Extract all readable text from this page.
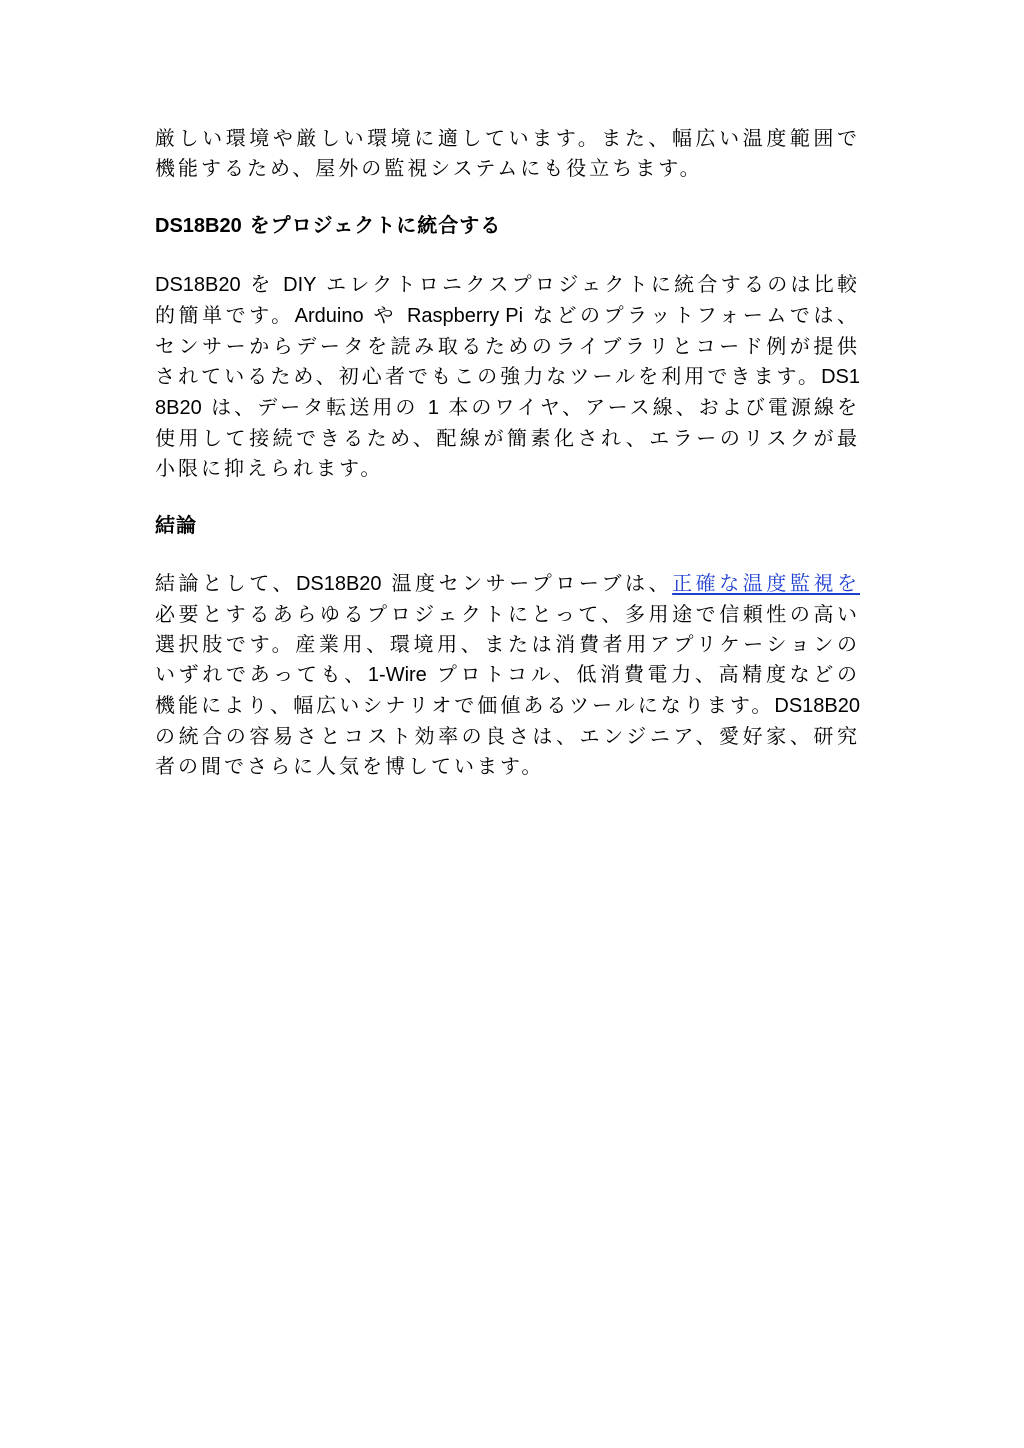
厳しい環境や厳しい環境に適しています。また、幅広い温度範囲で機能するため、屋外の監視システムにも役立ちます。

DS18B20 をプロジェクトに統合する

DS18B20 を DIY エレクトロニクスプロジェクトに統合するのは比較的簡単です。Arduino や Raspberry Pi などのプラットフォームでは、センサーからデータを読み取るためのライブラリとコード例が提供されているため、初心者でもこの強力なツールを利用できます。DS18B20 は、データ転送用の 1 本のワイヤ、アース線、および電源線を使用して接続できるため、配線が簡素化され、エラーのリスクが最小限に抑えられます。

結論

結論として、DS18B20 温度センサープローブは、正確な温度監視を必要とするあらゆるプロジェクトにとって、多用途で信頼性の高い選択肢です。産業用、環境用、または消費者用アプリケーションのいずれであっても、1-Wire プロトコル、低消費電力、高精度などの機能により、幅広いシナリオで価値あるツールになります。DS18B20 の統合の容易さとコスト効率の良さは、エンジニア、愛好家、研究者の間でさらに人気を博しています。
